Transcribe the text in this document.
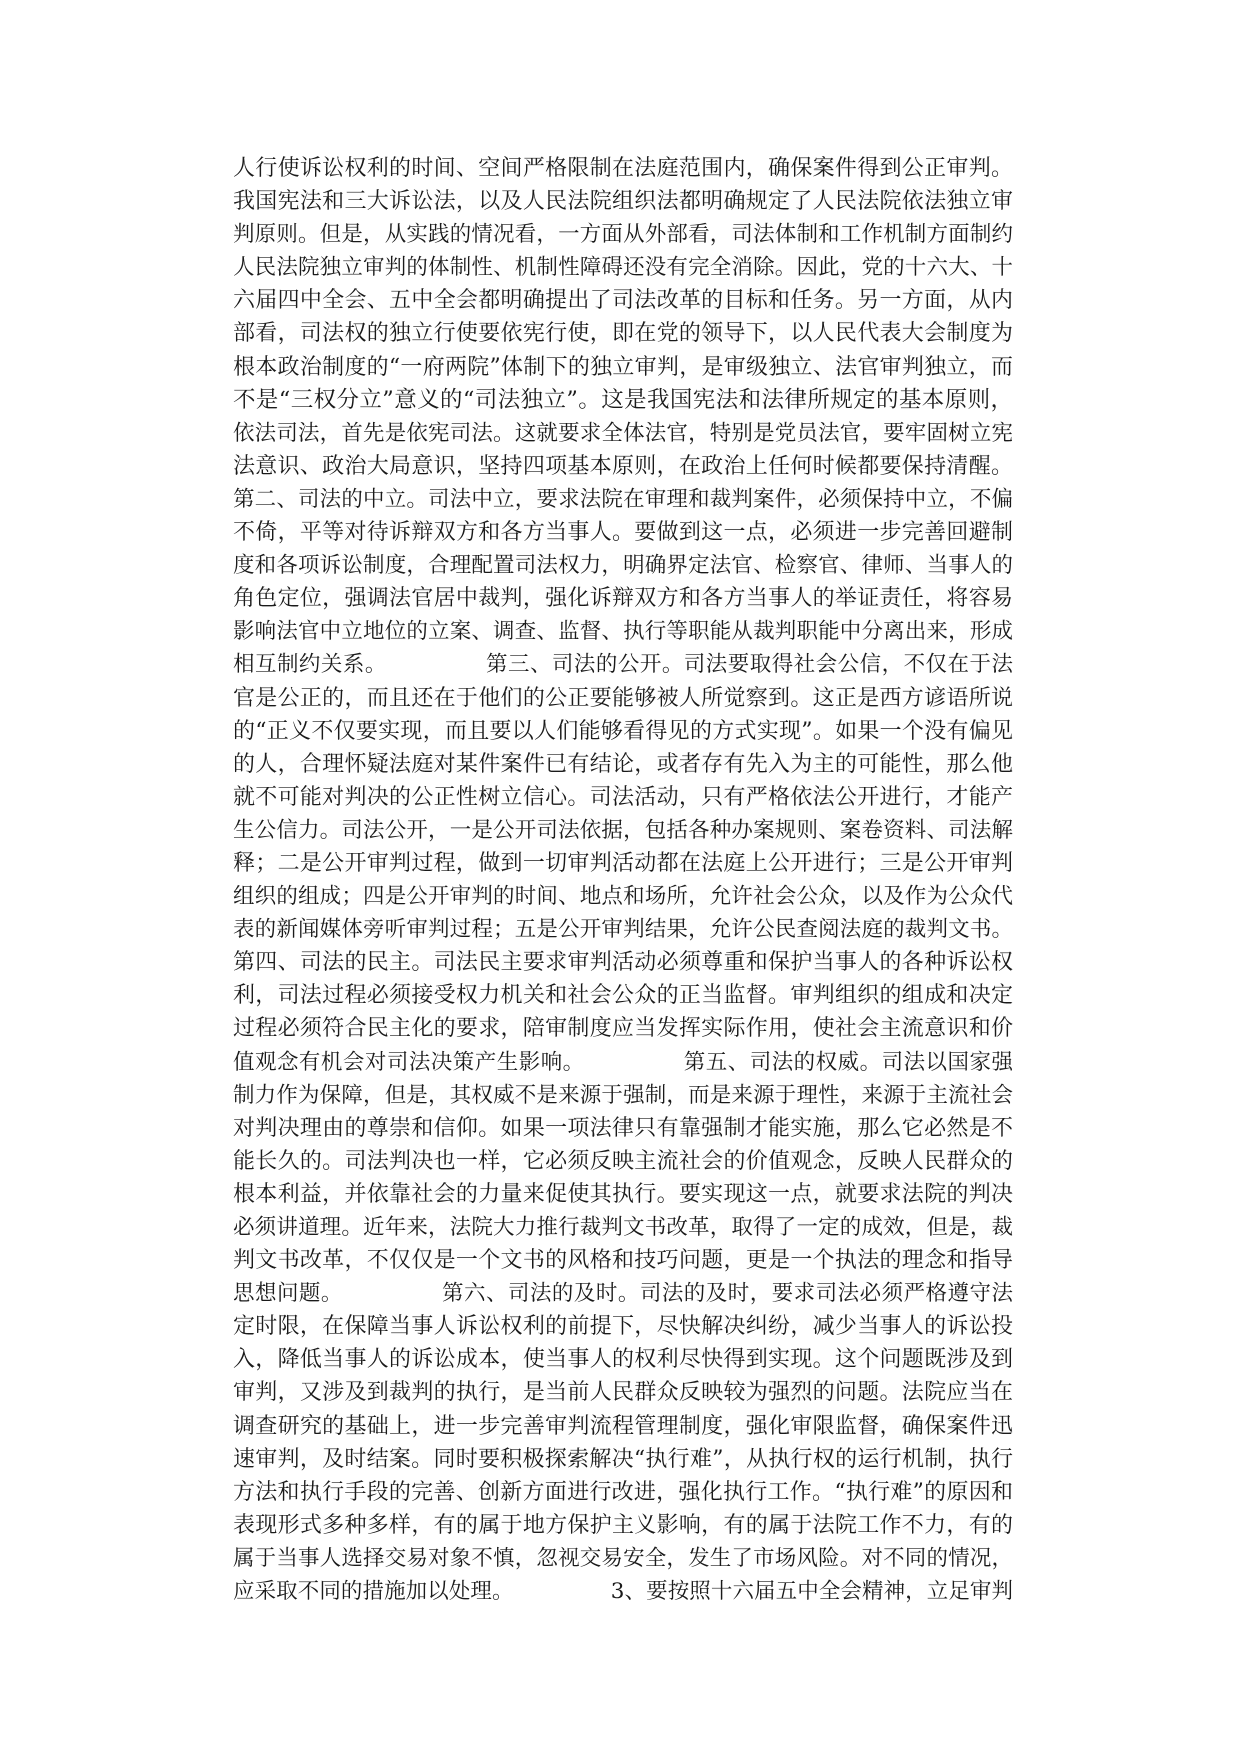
人行使诉讼权利的时间、空间严格限制在法庭范围内，确保案件得到公正审判。
我国宪法和三大诉讼法，以及人民法院组织法都明确规定了人民法院依法独立审
判原则。但是，从实践的情况看，一方面从外部看，司法体制和工作机制方面制约
人民法院独立审判的体制性、机制性障碍还没有完全消除。因此，党的十六大、十
六届四中全会、五中全会都明确提出了司法改革的目标和任务。另一方面，从内
部看，司法权的独立行使要依宪行使，即在党的领导下，以人民代表大会制度为
根本政治制度的“一府两院”体制下的独立审判，是审级独立、法官审判独立，而
不是“三权分立”意义的“司法独立”。这是我国宪法和法律所规定的基本原则，
依法司法，首先是依宪司法。这就要求全体法官，特别是党员法官，要牢固树立宪
法意识、政治大局意识，坚持四项基本原则，在政治上任何时候都要保持清醒。
第二、司法的中立。司法中立，要求法院在审理和裁判案件，必须保持中立，不偏
不倚，平等对待诉辩双方和各方当事人。要做到这一点，必须进一步完善回避制
度和各项诉讼制度，合理配置司法权力，明确界定法官、检察官、律师、当事人的
角色定位，强调法官居中裁判，强化诉辩双方和各方当事人的举证责任，将容易
影响法官中立地位的立案、调查、监督、执行等职能从裁判职能中分离出来，形成
相互制约关系。　　　　　第三、司法的公开。司法要取得社会公信，不仅在于法
官是公正的，而且还在于他们的公正要能够被人所觉察到。这正是西方谚语所说
的“正义不仅要实现，而且要以人们能够看得见的方式实现”。如果一个没有偏见
的人，合理怀疑法庭对某件案件已有结论，或者存有先入为主的可能性，那么他
就不可能对判决的公正性树立信心。司法活动，只有严格依法公开进行，才能产
生公信力。司法公开，一是公开司法依据，包括各种办案规则、案卷资料、司法解
释；二是公开审判过程，做到一切审判活动都在法庭上公开进行；三是公开审判
组织的组成；四是公开审判的时间、地点和场所，允许社会公众，以及作为公众代
表的新闻媒体旁听审判过程；五是公开审判结果，允许公民查阅法庭的裁判文书。
第四、司法的民主。司法民主要求审判活动必须尊重和保护当事人的各种诉讼权
利，司法过程必须接受权力机关和社会公众的正当监督。审判组织的组成和决定
过程必须符合民主化的要求，陪审制度应当发挥实际作用，使社会主流意识和价
值观念有机会对司法决策产生影响。　　　　　第五、司法的权威。司法以国家强
制力作为保障，但是，其权威不是来源于强制，而是来源于理性，来源于主流社会
对判决理由的尊崇和信仰。如果一项法律只有靠强制才能实施，那么它必然是不
能长久的。司法判决也一样，它必须反映主流社会的价值观念，反映人民群众的
根本利益，并依靠社会的力量来促使其执行。要实现这一点，就要求法院的判决
必须讲道理。近年来，法院大力推行裁判文书改革，取得了一定的成效，但是，裁
判文书改革，不仅仅是一个文书的风格和技巧问题，更是一个执法的理念和指导
思想问题。　　　　　第六、司法的及时。司法的及时，要求司法必须严格遵守法
定时限，在保障当事人诉讼权利的前提下，尽快解决纠纷，减少当事人的诉讼投
入，降低当事人的诉讼成本，使当事人的权利尽快得到实现。这个问题既涉及到
审判，又涉及到裁判的执行，是当前人民群众反映较为强烈的问题。法院应当在
调查研究的基础上，进一步完善审判流程管理制度，强化审限监督，确保案件迅
速审判，及时结案。同时要积极探索解决“执行难”，从执行权的运行机制，执行
方法和执行手段的完善、创新方面进行改进，强化执行工作。“执行难”的原因和
表现形式多种多样，有的属于地方保护主义影响，有的属于法院工作不力，有的
属于当事人选择交易对象不慎，忽视交易安全，发生了市场风险。对不同的情况，
应采取不同的措施加以处理。　　　　　3、要按照十六届五中全会精神，立足审判
